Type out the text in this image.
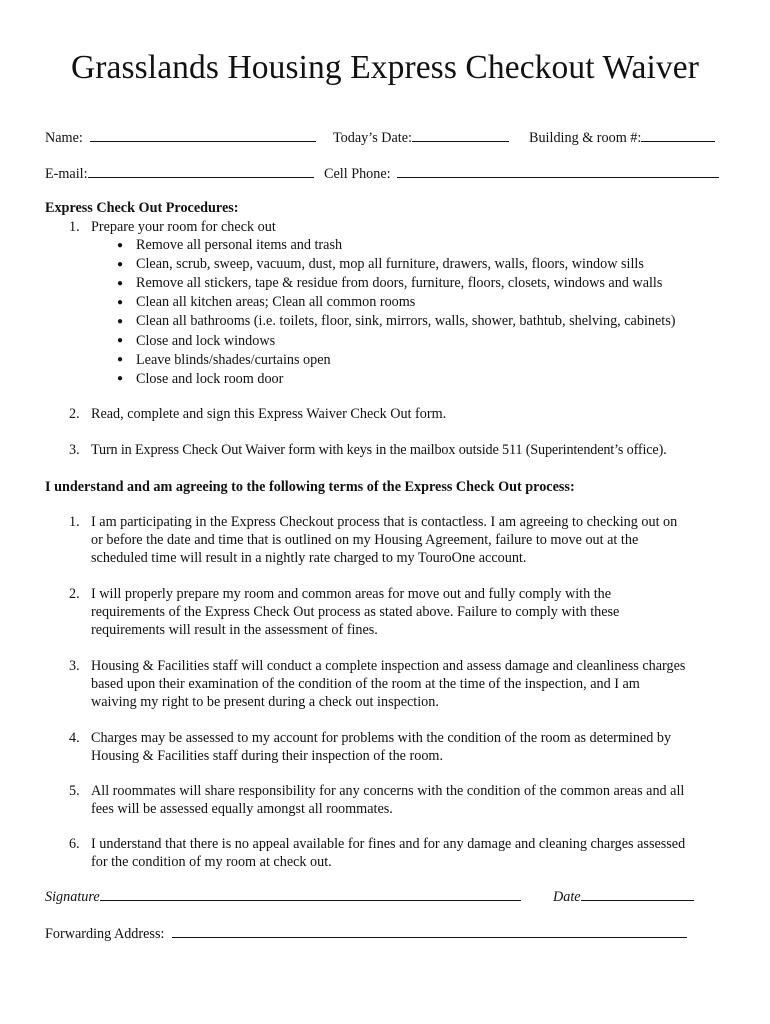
Grasslands Housing Express Checkout Waiver
Name:	Today’s Date:	Building & room #:
E-mail:	Cell Phone:
Express Check Out Procedures:
1. Prepare your room for check out
● Remove all personal items and trash
● Clean, scrub, sweep, vacuum, dust, mop all furniture, drawers, walls, floors, window sills
● Remove all stickers, tape & residue from doors, furniture, floors, closets, windows and walls
● Clean all kitchen areas; Clean all common rooms
● Clean all bathrooms (i.e. toilets, floor, sink, mirrors, walls, shower, bathtub, shelving, cabinets)
● Close and lock windows
● Leave blinds/shades/curtains open
● Close and lock room door
2. Read, complete and sign this Express Waiver Check Out form.
3. Turn in Express Check Out Waiver form with keys in the mailbox outside 511 (Superintendent’s office).
I understand and am agreeing to the following terms of the Express Check Out process:
1. I am participating in the Express Checkout process that is contactless. I am agreeing to checking out on
or before the date and time that is outlined on my Housing Agreement, failure to move out at the
scheduled time will result in a nightly rate charged to my TouroOne account.
2. I will properly prepare my room and common areas for move out and fully comply with the
requirements of the Express Check Out process as stated above. Failure to comply with these
requirements will result in the assessment of fines.
3. Housing & Facilities staff will conduct a complete inspection and assess damage and cleanliness charges
based upon their examination of the condition of the room at the time of the inspection, and I am
waiving my right to be present during a check out inspection.
4. Charges may be assessed to my account for problems with the condition of the room as determined by
Housing & Facilities staff during their inspection of the room.
5. All roommates will share responsibility for any concerns with the condition of the common areas and all
fees will be assessed equally amongst all roommates.
6. I understand that there is no appeal available for fines and for any damage and cleaning charges assessed
for the condition of my room at check out.
Signature	Date
Forwarding Address:
